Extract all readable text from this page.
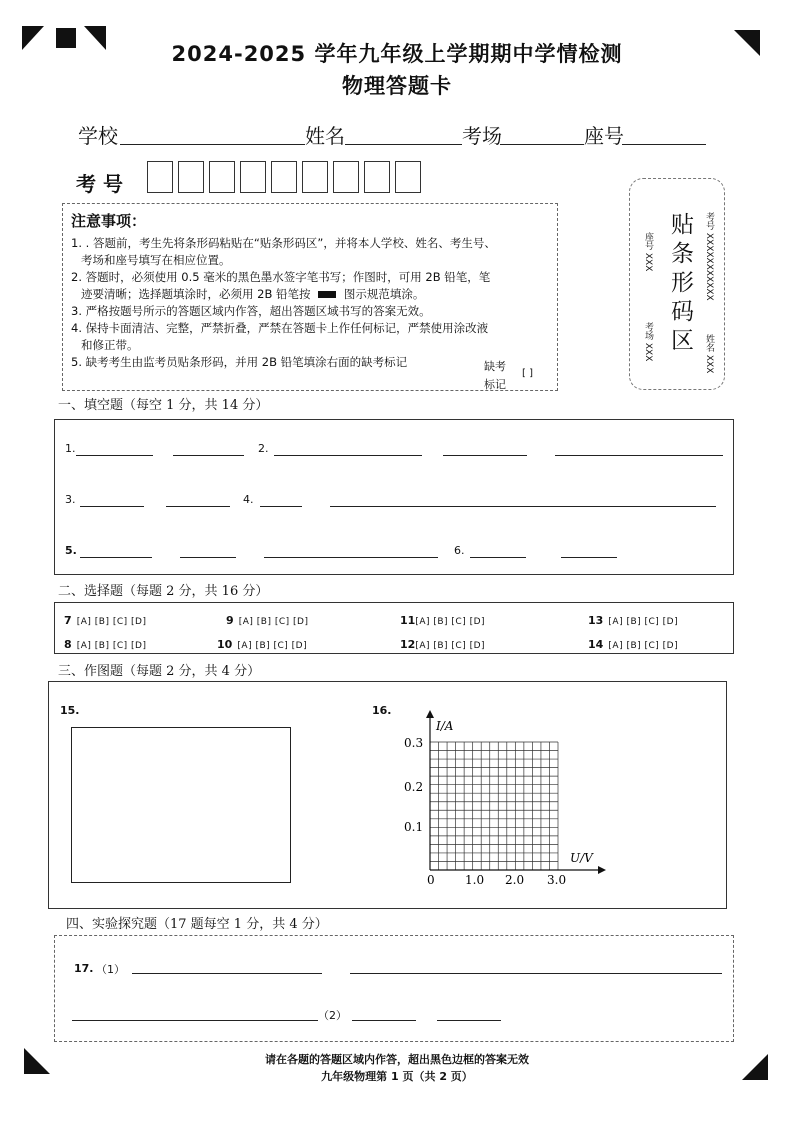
2024-2025 学年九年级上学期期中学情检测
物理答题卡
学校	姓名	考场	座号
考 号
注意事项：

1. . 答题前，考生先将条形码粘贴在“贴条形码区”，并将本人学校、姓名、考生号、

考场和座号填写在相应位置。

2. 答题时，必须使用 0.5 毫米的黑色墨水签字笔书写；作图时，可用 2B 铅笔，笔

迹要清晰；选择题填涂时，必须用 2B 铅笔按	图示规范填涂。

3. 严格按题号所示的答题区域内作答，超出答题区域书写的答案无效。

4. 保持卡面清洁、完整，严禁折叠，严禁在答题卡上作任何标记，严禁使用涂改液

和修正带。

5. 缺考考生由监考员贴条形码，并用 2B 铅笔填涂右面的缺考标记	缺考
标记
[ ]
贴条形码区
座号 XXX
考场 XXX
考号 XXXXXXXXXXX
姓名 XXX
一、填空题（每空 1 分，共 14 分）
1.	2.
3.	4.
5.	6.
二、选择题（每题 2 分，共 16 分）
7 [A] [B] [C] [D]	9 [A] [B] [C] [D]	11[A] [B] [C] [D]	13 [A] [B] [C] [D]
8 [A] [B] [C] [D]	10 [A] [B] [C] [D]	12[A] [B] [C] [D]	14 [A] [B] [C] [D]
三、作图题（每题 2 分，共 4 分）
15.	16.
I/A
U/V
0.3
0.2
0.1
0	1.0 2.0 3.0
四、实验探究题（17 题每空 1 分，共 4 分）
17. （1）
（2）
请在各题的答题区域内作答，超出黑色边框的答案无效
九年级物理第 1 页（共 2 页）
